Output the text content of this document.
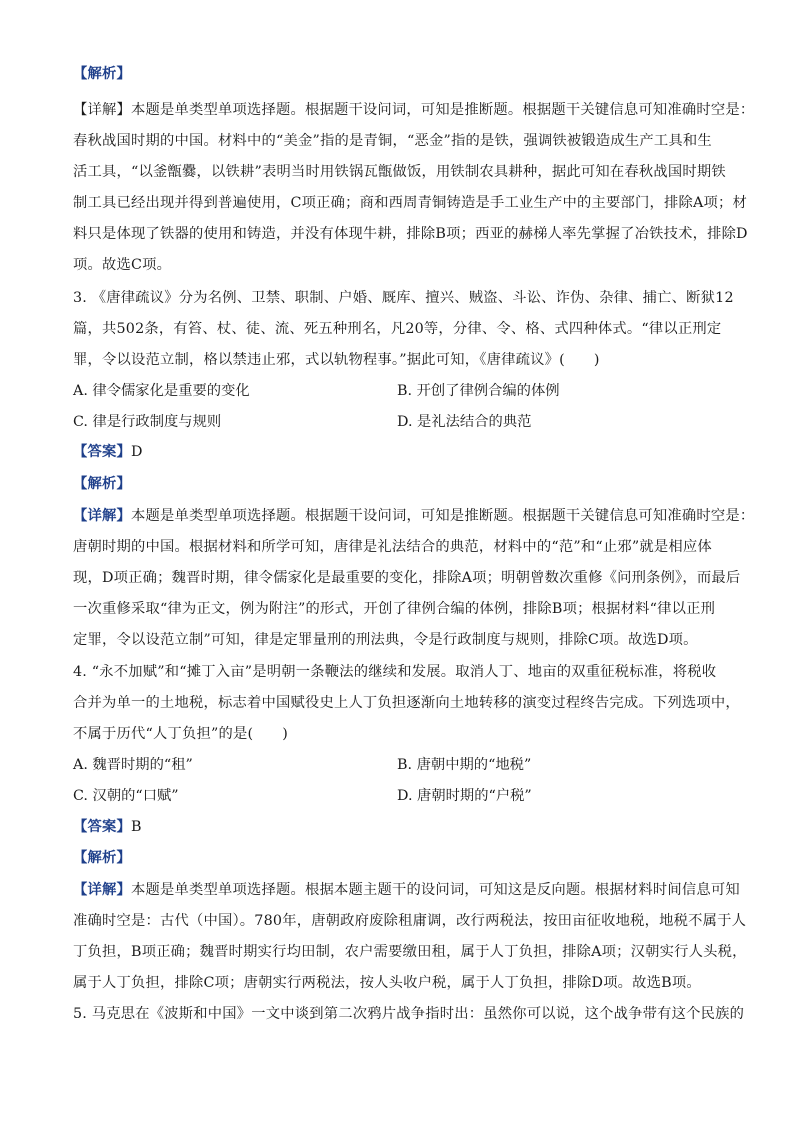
【解析】
【详解】本题是单类型单项选择题。根据题干设问词，可知是推断题。根据题干关键信息可知准确时空是：
春秋战国时期的中国。材料中的“美金”指的是青铜，“恶金”指的是铁，强调铁被锻造成生产工具和生
活工具，“以釜甑爨，以铁耕”表明当时用铁锅瓦甑做饭，用铁制农具耕种，据此可知在春秋战国时期铁
制工具已经出现并得到普遍使用，C项正确；商和西周青铜铸造是手工业生产中的主要部门，排除A项；材
料只是体现了铁器的使用和铸造，并没有体现牛耕，排除B项；西亚的赫梯人率先掌握了冶铁技术，排除D
项。故选C项。
3. 《唐律疏议》分为名例、卫禁、职制、户婚、厩库、擅兴、贼盗、斗讼、诈伪、杂律、捕亡、断狱12
篇，共502条，有笞、杖、徒、流、死五种刑名，凡20等，分律、令、格、式四种体式。“律以正刑定
罪，令以设范立制，格以禁违止邪，式以轨物程事。”据此可知，《唐律疏议》(　　)
A. 律令儒家化是重要的变化	B. 开创了律例合编的体例
C. 律是行政制度与规则	D. 是礼法结合的典范
【答案】D
【解析】
【详解】本题是单类型单项选择题。根据题干设问词，可知是推断题。根据题干关键信息可知准确时空是：
唐朝时期的中国。根据材料和所学可知，唐律是礼法结合的典范，材料中的“范”和“止邪”就是相应体
现，D项正确；魏晋时期，律令儒家化是最重要的变化，排除A项；明朝曾数次重修《问刑条例》，而最后
一次重修采取“律为正文，例为附注”的形式，开创了律例合编的体例，排除B项；根据材料“律以正刑
定罪，令以设范立制”可知，律是定罪量刑的刑法典，令是行政制度与规则，排除C项。故选D项。
4. “永不加赋”和“摊丁入亩”是明朝一条鞭法的继续和发展。取消人丁、地亩的双重征税标准，将税收
合并为单一的土地税，标志着中国赋役史上人丁负担逐渐向土地转移的演变过程终告完成。下列选项中，
不属于历代“人丁负担”的是(　　)
A. 魏晋时期的“租”	B. 唐朝中期的“地税”
C. 汉朝的“口赋”	D. 唐朝时期的“户税”
【答案】B
【解析】
【详解】本题是单类型单项选择题。根据本题主题干的设问词，可知这是反向题。根据材料时间信息可知
准确时空是：古代（中国）。780年，唐朝政府废除租庸调，改行两税法，按田亩征收地税，地税不属于人
丁负担，B项正确；魏晋时期实行均田制，农户需要缴田租，属于人丁负担，排除A项；汉朝实行人头税，
属于人丁负担，排除C项；唐朝实行两税法，按人头收户税，属于人丁负担，排除D项。故选B项。
5. 马克思在《波斯和中国》一文中谈到第二次鸦片战争指时出：虽然你可以说，这个战争带有这个民族的
